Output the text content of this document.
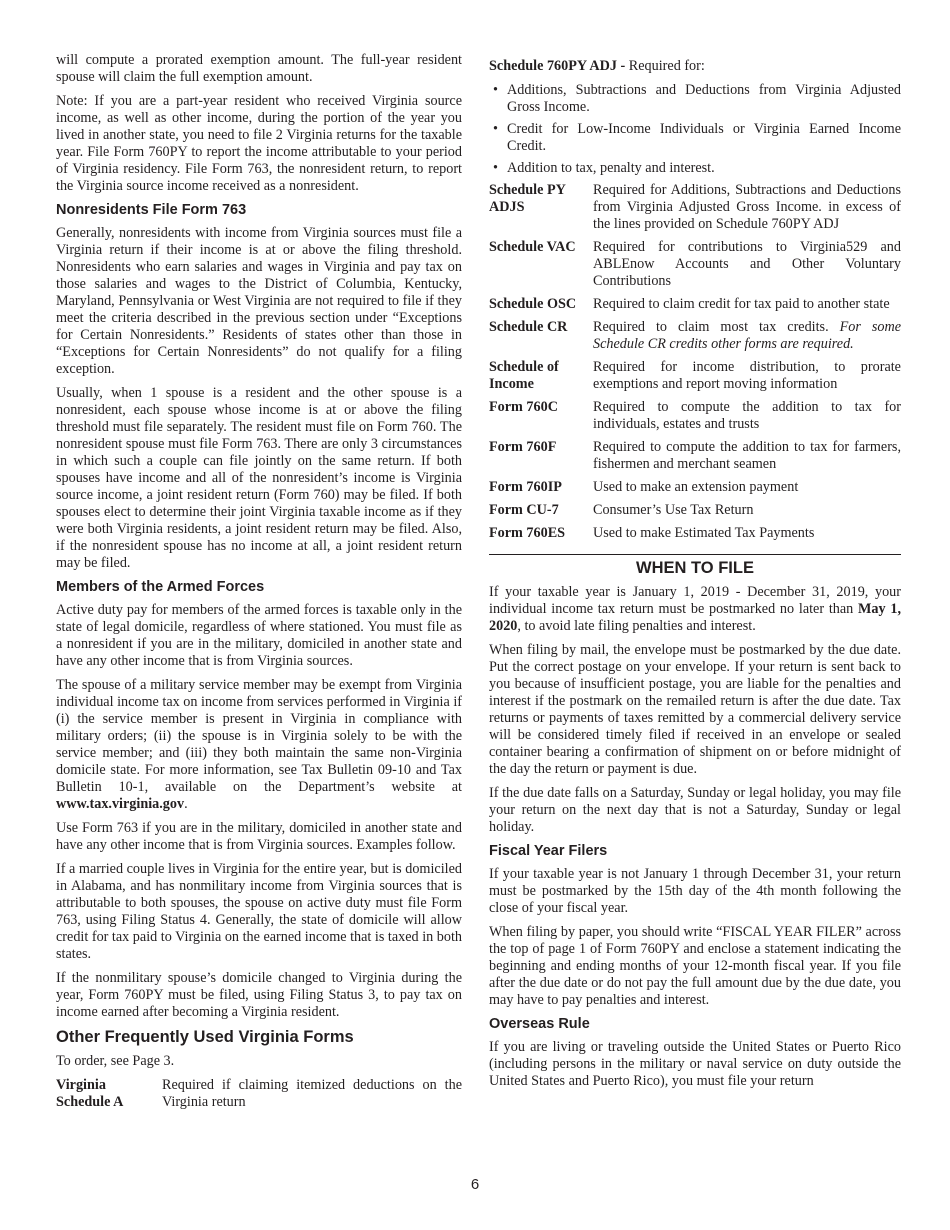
will compute a prorated exemption amount. The full-year resident spouse will claim the full exemption amount.

Note: If you are a part-year resident who received Virginia source income, as well as other income, during the portion of the year you lived in another state, you need to file 2 Virginia returns for the taxable year. File Form 760PY to report the income attributable to your period of Virginia residency. File Form 763, the nonresident return, to report the Virginia source income received as a nonresident.

Nonresidents File Form 763

Generally, nonresidents with income from Virginia sources must file a Virginia return if their income is at or above the filing threshold. Nonresidents who earn salaries and wages in Virginia and pay tax on those salaries and wages to the District of Columbia, Kentucky, Maryland, Pennsylvania or West Virginia are not required to file if they meet the criteria described in the previous section under “Exceptions for Certain Nonresidents.” Residents of states other than those in “Exceptions for Certain Nonresidents” do not qualify for a filing exception.

Usually, when 1 spouse is a resident and the other spouse is a nonresident, each spouse whose income is at or above the filing threshold must file separately. The resident must file on Form 760. The nonresident spouse must file Form 763. There are only 3 circumstances in which such a couple can file jointly on the same return. If both spouses have income and all of the nonresident’s income is Virginia source income, a joint resident return (Form 760) may be filed. If both spouses elect to determine their joint Virginia taxable income as if they were both Virginia residents, a joint resident return may be filed. Also, if the nonresident spouse has no income at all, a joint resident return may be filed.

Members of the Armed Forces

Active duty pay for members of the armed forces is taxable only in the state of legal domicile, regardless of where stationed. You must file as a nonresident if you are in the military, domiciled in another state and have any other income that is from Virginia sources.

The spouse of a military service member may be exempt from Virginia individual income tax on income from services performed in Virginia if (i) the service member is present in Virginia in compliance with military orders; (ii) the spouse is in Virginia solely to be with the service member; and (iii) they both maintain the same non-Virginia domicile state. For more information, see Tax Bulletin 09-10 and Tax Bulletin 10-1, available on the Department’s website at www.tax.virginia.gov.

Use Form 763 if you are in the military, domiciled in another state and have any other income that is from Virginia sources. Examples follow.

If a married couple lives in Virginia for the entire year, but is domiciled in Alabama, and has nonmilitary income from Virginia sources that is attributable to both spouses, the spouse on active duty must file Form 763, using Filing Status 4. Generally, the state of domicile will allow credit for tax paid to Virginia on the earned income that is taxed in both states.

If the nonmilitary spouse’s domicile changed to Virginia during the year, Form 760PY must be filed, using Filing Status 3, to pay tax on income earned after becoming a Virginia resident.

Other Frequently Used Virginia Forms

To order, see Page 3.

Virginia
Schedule A	Required if claiming itemized deductions on the Virginia return

Schedule 760PY ADJ - Required for:

• Additions, Subtractions and Deductions from Virginia Adjusted Gross Income.
• Credit for Low-Income Individuals or Virginia Earned Income Credit.
• Addition to tax, penalty and interest.
Schedule PY ADJS	Required for Additions, Subtractions and Deductions from Virginia Adjusted Gross Income. in excess of the lines provided on Schedule 760PY ADJ
Schedule VAC	Required for contributions to Virginia529 and ABLEnow Accounts and Other Voluntary Contributions
Schedule OSC	Required to claim credit for tax paid to another state
Schedule CR	Required to claim most tax credits. For some Schedule CR credits other forms are required.
Schedule of Income	Required for income distribution, to prorate exemptions and report moving information
Form 760C	Required to compute the addition to tax for individuals, estates and trusts
Form 760F	Required to compute the addition to tax for farmers, fishermen and merchant seamen
Form 760IP	Used to make an extension payment
Form CU-7	Consumer’s Use Tax Return
Form 760ES	Used to make Estimated Tax Payments
WHEN TO FILE

If your taxable year is January 1, 2019 - December 31, 2019, your individual income tax return must be postmarked no later than May 1, 2020, to avoid late filing penalties and interest.

When filing by mail, the envelope must be postmarked by the due date. Put the correct postage on your envelope. If your return is sent back to you because of insufficient postage, you are liable for the penalties and interest if the postmark on the remailed return is after the due date. Tax returns or payments of taxes remitted by a commercial delivery service will be considered timely filed if received in an envelope or sealed container bearing a confirmation of shipment on or before midnight of the day the return or payment is due.

If the due date falls on a Saturday, Sunday or legal holiday, you may file your return on the next day that is not a Saturday, Sunday or legal holiday.

Fiscal Year Filers

If your taxable year is not January 1 through December 31, your return must be postmarked by the 15th day of the 4th month following the close of your fiscal year.

When filing by paper, you should write “FISCAL YEAR FILER” across the top of page 1 of Form 760PY and enclose a statement indicating the beginning and ending months of your 12-month fiscal year. If you file after the due date or do not pay the full amount due by the due date, you may have to pay penalties and interest.

Overseas Rule

If you are living or traveling outside the United States or Puerto Rico (including persons in the military or naval service on duty outside the United States and Puerto Rico), you must file your return

6
